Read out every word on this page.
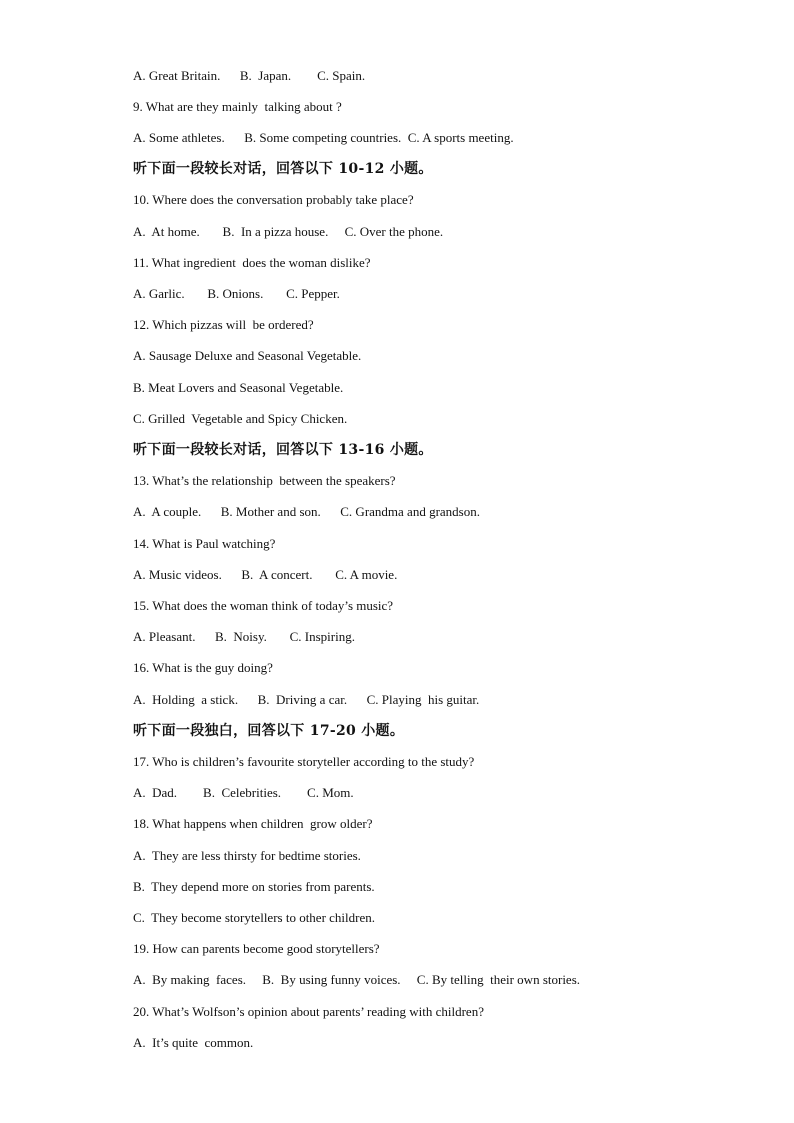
A. Great Britain.      B.  Japan.        C. Spain.
9. What are they mainly  talking about ?
A. Some athletes.      B. Some competing countries.  C. A sports meeting.
听下面一段较长对话，回答以下 10-12 小题。
10. Where does the conversation probably take place?
A.  At home.       B.  In a pizza house.     C. Over the phone.
11. What ingredient  does the woman dislike?
A. Garlic.       B. Onions.       C. Pepper.
12. Which pizzas will  be ordered?
A. Sausage Deluxe and Seasonal Vegetable.
B. Meat Lovers and Seasonal Vegetable.
C. Grilled  Vegetable and Spicy Chicken.
听下面一段较长对话，回答以下 13-16 小题。
13. What’s the relationship  between the speakers?
A.  A couple.      B. Mother and son.      C. Grandma and grandson.
14. What is Paul watching?
A. Music videos.      B.  A concert.       C. A movie.
15. What does the woman think of today’s music?
A. Pleasant.      B.  Noisy.       C. Inspiring.
16. What is the guy doing?
A.  Holding  a stick.      B.  Driving a car.      C. Playing  his guitar.
听下面一段独白，回答以下 17-20 小题。
17. Who is children’s favourite storyteller according to the study?
A.  Dad.        B.  Celebrities.        C. Mom.
18. What happens when children  grow older?
A.  They are less thirsty for bedtime stories.
B.  They depend more on stories from parents.
C.  They become storytellers to other children.
19. How can parents become good storytellers?
A.  By making  faces.     B.  By using funny voices.     C. By telling  their own stories.
20. What’s Wolfson’s opinion about parents’ reading with children?
A.  It’s quite  common.
